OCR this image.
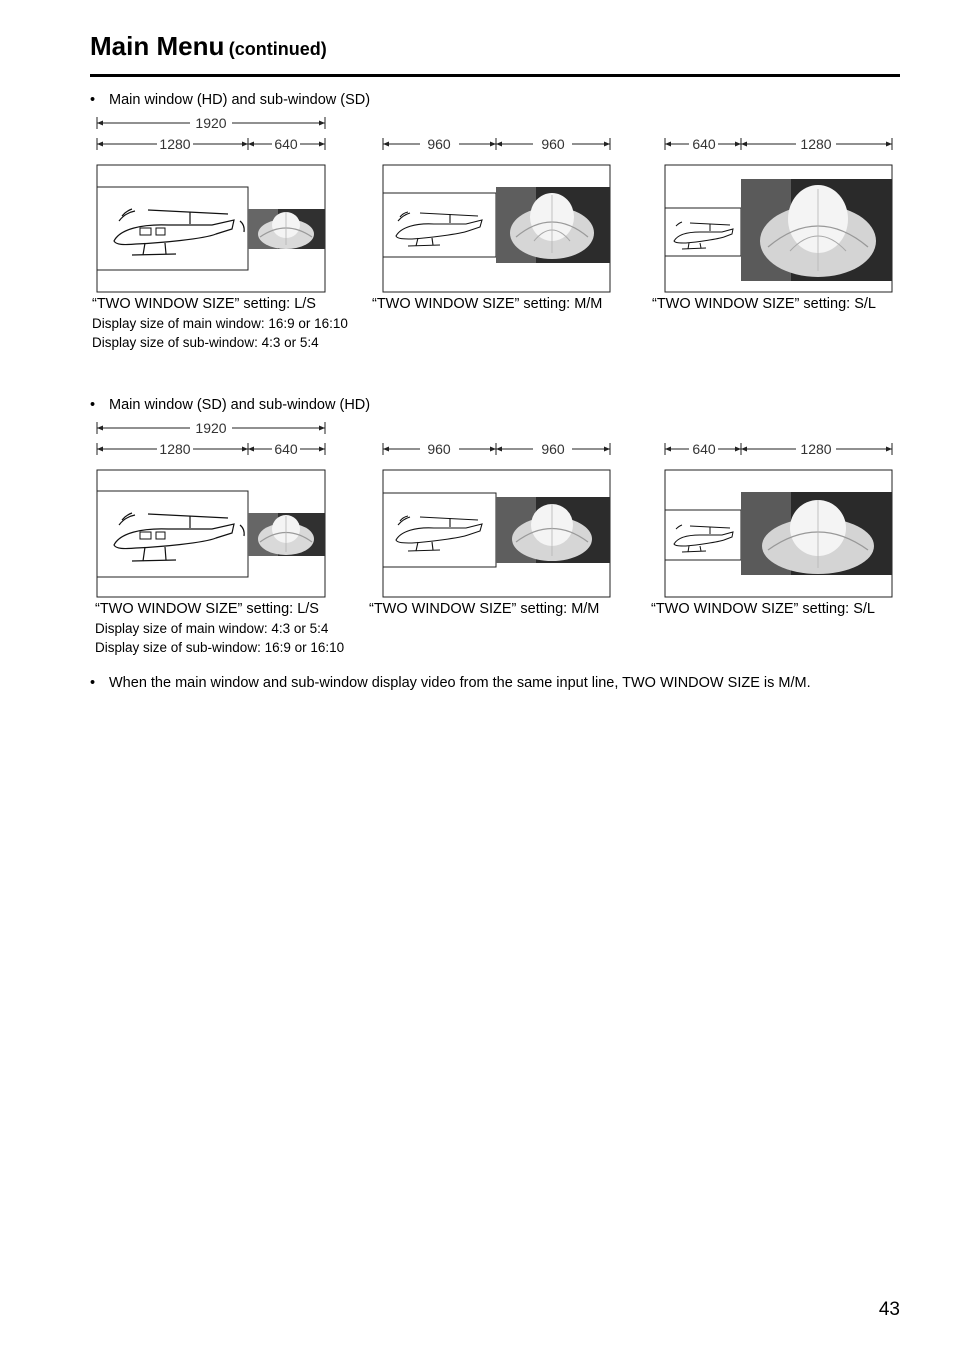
Main Menu (continued)
• Main window (HD) and sub-window (SD)
1920
1280	640	960	960	640	1280
“TWO WINDOW SIZE” setting: L/S	“TWO WINDOW SIZE” setting: M/M	“TWO WINDOW SIZE” setting: S/L
Display size of main window: 16:9 or 16:10
Display size of sub-window: 4:3 or 5:4
• Main window (SD) and sub-window (HD)
1920
1280	640	960	960	640	1280
“TWO WINDOW SIZE” setting: L/S	“TWO WINDOW SIZE” setting: M/M	“TWO WINDOW SIZE” setting: S/L
Display size of main window: 4:3 or 5:4
Display size of sub-window: 16:9 or 16:10
• When the main window and sub-window display video from the same input line, TWO WINDOW SIZE is M/M.
43
